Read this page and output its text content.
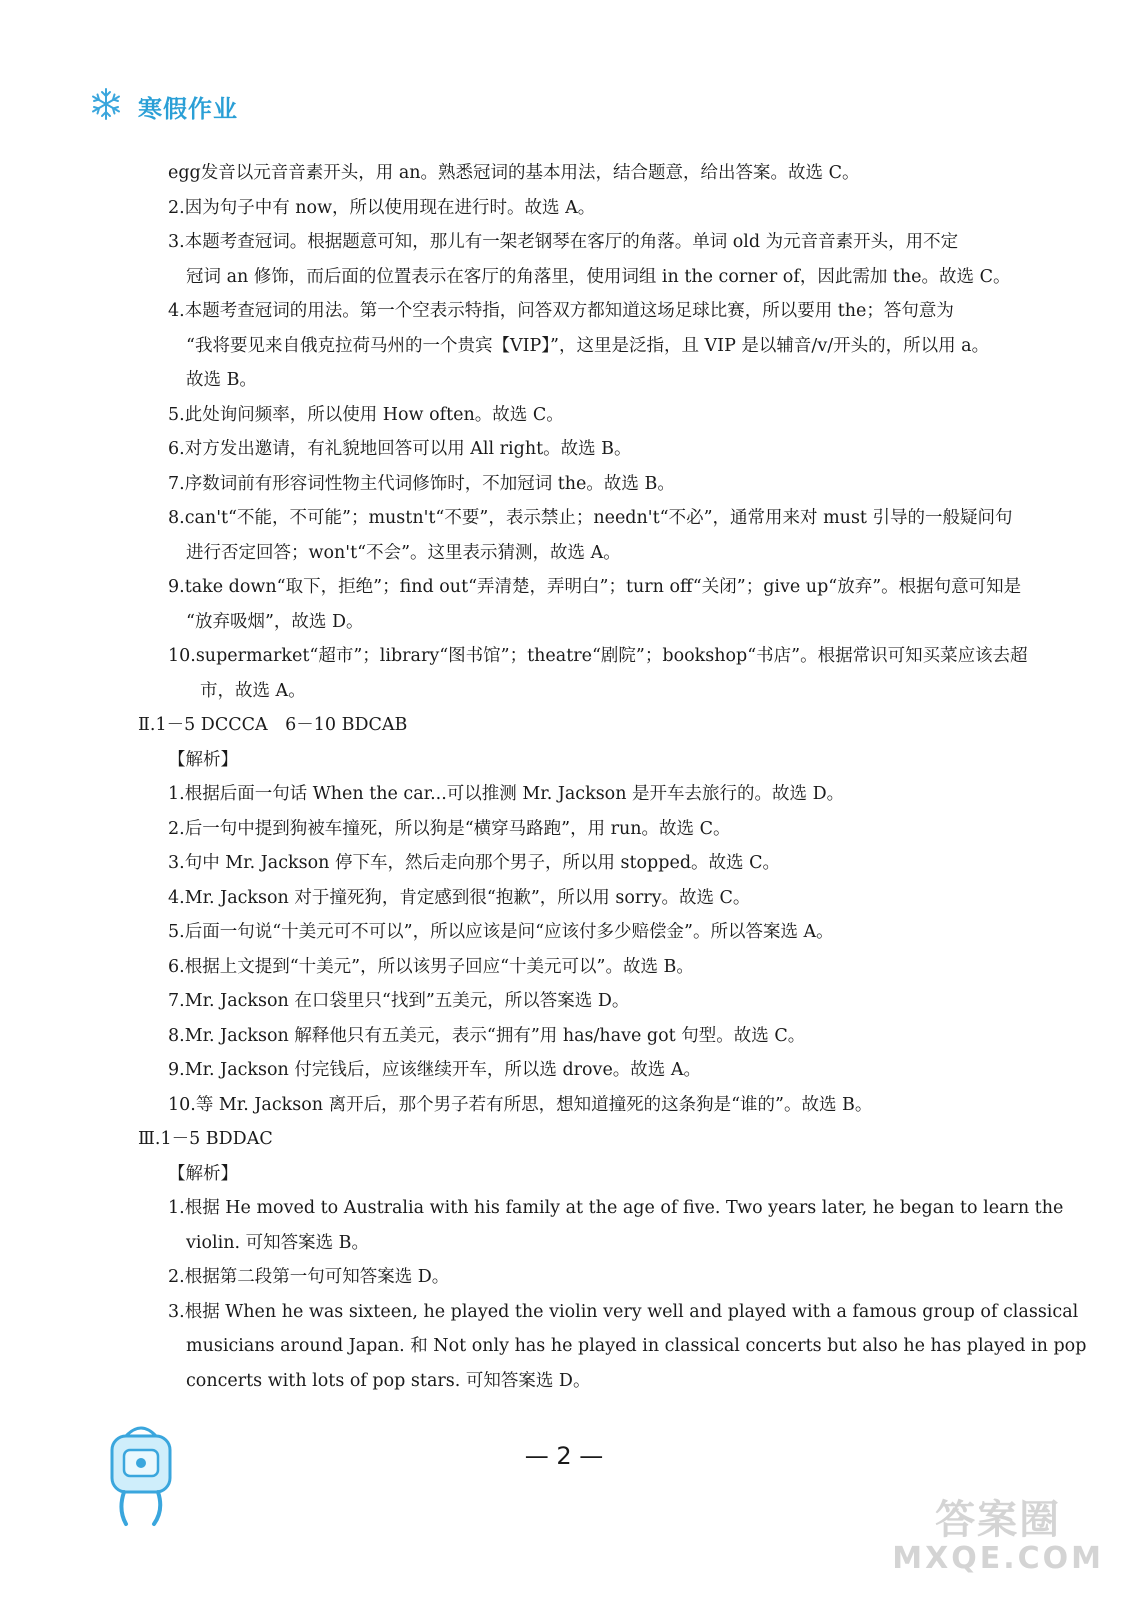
寒假作业
egg发音以元音音素开头，用 an。熟悉冠词的基本用法，结合题意，给出答案。故选 C。
2.因为句子中有 now，所以使用现在进行时。故选 A。
3.本题考查冠词。根据题意可知，那儿有一架老钢琴在客厅的角落。单词 old 为元音音素开头，用不定
冠词 an 修饰，而后面的位置表示在客厅的角落里，使用词组 in the corner of，因此需加 the。故选 C。
4.本题考查冠词的用法。第一个空表示特指，问答双方都知道这场足球比赛，所以要用 the；答句意为
“我将要见来自俄克拉荷马州的一个贵宾【VIP】”，这里是泛指，且 VIP 是以辅音/v/开头的，所以用 a。
故选 B。
5.此处询问频率，所以使用 How often。故选 C。
6.对方发出邀请，有礼貌地回答可以用 All right。故选 B。
7.序数词前有形容词性物主代词修饰时，不加冠词 the。故选 B。
8.can't“不能，不可能”；mustn't“不要”，表示禁止；needn't“不必”，通常用来对 must 引导的一般疑问句
进行否定回答；won't“不会”。这里表示猜测，故选 A。
9.take down“取下，拒绝”；find out“弄清楚，弄明白”；turn off“关闭”；give up“放弃”。根据句意可知是
“放弃吸烟”，故选 D。
10.supermarket“超市”；library“图书馆”；theatre“剧院”；bookshop“书店”。根据常识可知买菜应该去超
市，故选 A。
Ⅱ.1－5 DCCCA　6－10 BDCAB
【解析】
1.根据后面一句话 When the car...可以推测 Mr. Jackson 是开车去旅行的。故选 D。
2.后一句中提到狗被车撞死，所以狗是“横穿马路跑”，用 run。故选 C。
3.句中 Mr. Jackson 停下车，然后走向那个男子，所以用 stopped。故选 C。
4.Mr. Jackson 对于撞死狗，肯定感到很“抱歉”，所以用 sorry。故选 C。
5.后面一句说“十美元可不可以”，所以应该是问“应该付多少赔偿金”。所以答案选 A。
6.根据上文提到“十美元”，所以该男子回应“十美元可以”。故选 B。
7.Mr. Jackson 在口袋里只“找到”五美元，所以答案选 D。
8.Mr. Jackson 解释他只有五美元，表示“拥有”用 has/have got 句型。故选 C。
9.Mr. Jackson 付完钱后，应该继续开车，所以选 drove。故选 A。
10.等 Mr. Jackson 离开后，那个男子若有所思，想知道撞死的这条狗是“谁的”。故选 B。
Ⅲ.1－5 BDDAC
【解析】
1.根据 He moved to Australia with his family at the age of five. Two years later, he began to learn the
violin. 可知答案选 B。
2.根据第二段第一句可知答案选 D。
3.根据 When he was sixteen, he played the violin very well and played with a famous group of classical
musicians around Japan. 和 Not only has he played in classical concerts but also he has played in pop
concerts with lots of pop stars. 可知答案选 D。
— 2 —
答案圈
MXQE.COM
